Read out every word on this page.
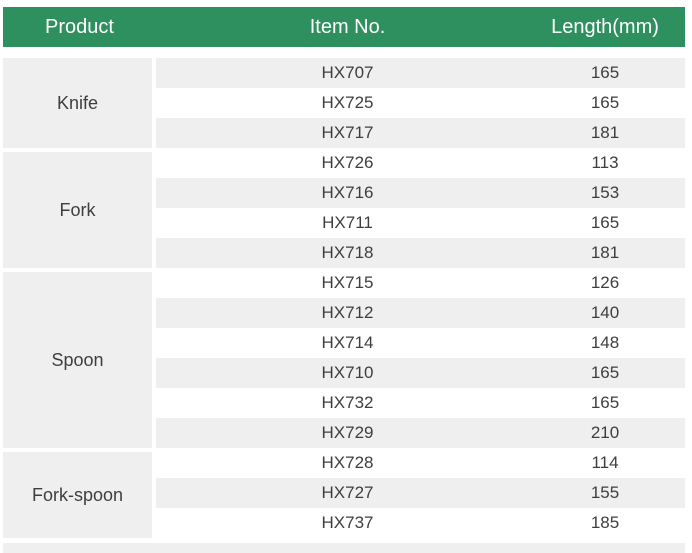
Product	Item No.	Length(mm)
Knife	HX707	165
	HX725	165
	HX717	181
Fork	HX726	113
	HX716	153
	HX711	165
	HX718	181
Spoon	HX715	126
	HX712	140
	HX714	148
	HX710	165
	HX732	165
	HX729	210
Fork-spoon	HX728	114
	HX727	155
	HX737	185
